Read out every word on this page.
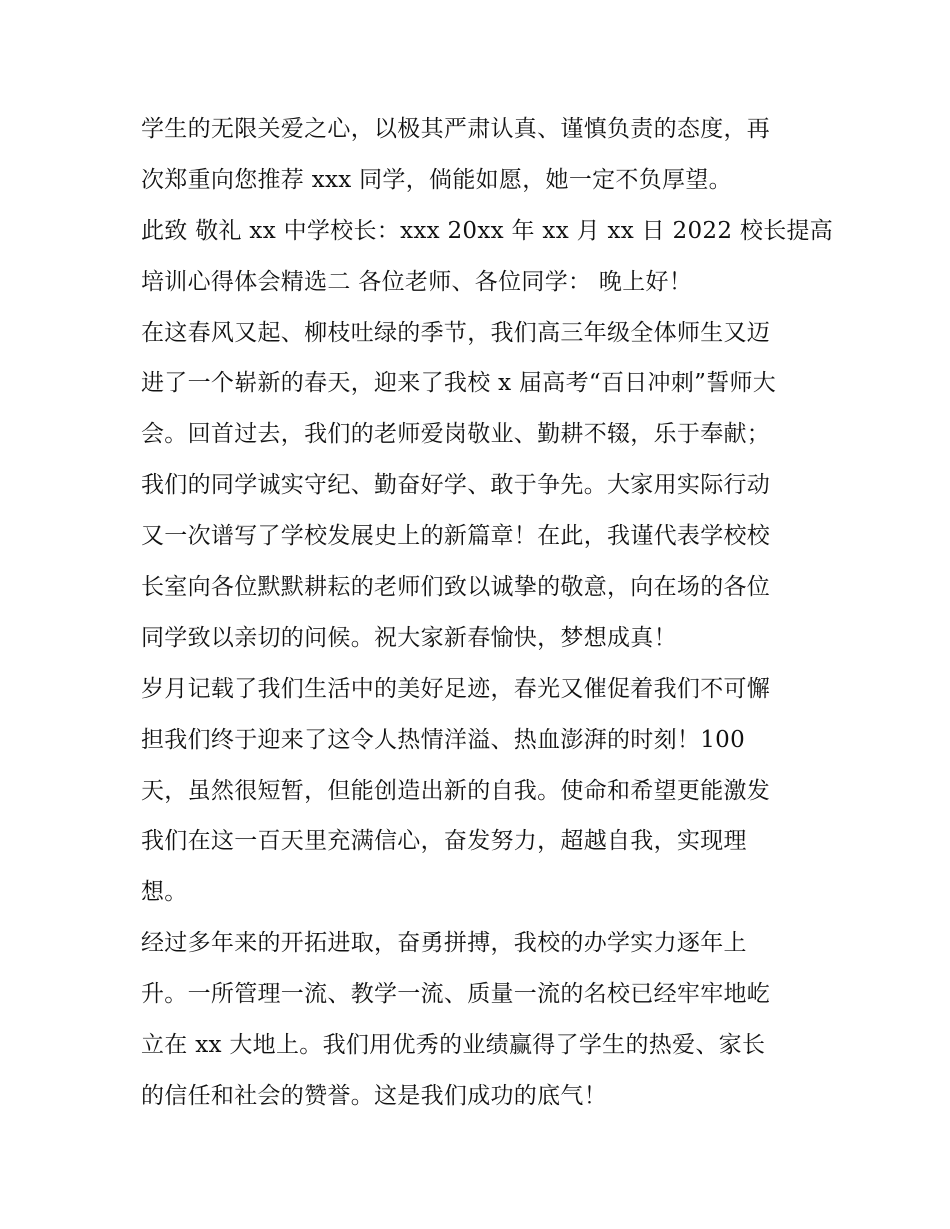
学生的无限关爱之心，以极其严肃认真、谨慎负责的态度，再
次郑重向您推荐 xxx 同学，倘能如愿，她一定不负厚望。
此致 敬礼 xx 中学校长：xxx 20xx 年 xx 月 xx 日 2022 校长提高
培训心得体会精选二 各位老师、各位同学： 晚上好！
在这春风又起、柳枝吐绿的季节，我们高三年级全体师生又迈
进了一个崭新的春天，迎来了我校 x 届高考“百日冲刺”誓师大
会。回首过去，我们的老师爱岗敬业、勤耕不辍，乐于奉献；
我们的同学诚实守纪、勤奋好学、敢于争先。大家用实际行动
又一次谱写了学校发展史上的新篇章！在此，我谨代表学校校
长室向各位默默耕耘的老师们致以诚挚的敬意，向在场的各位
同学致以亲切的问候。祝大家新春愉快，梦想成真！
岁月记载了我们生活中的美好足迹，春光又催促着我们不可懈
担我们终于迎来了这令人热情洋溢、热血澎湃的时刻！100
天，虽然很短暂，但能创造出新的自我。使命和希望更能激发
我们在这一百天里充满信心，奋发努力，超越自我，实现理
想。
经过多年来的开拓进取，奋勇拼搏，我校的办学实力逐年上
升。一所管理一流、教学一流、质量一流的名校已经牢牢地屹
立在 xx 大地上。我们用优秀的业绩赢得了学生的热爱、家长
的信任和社会的赞誉。这是我们成功的底气！
